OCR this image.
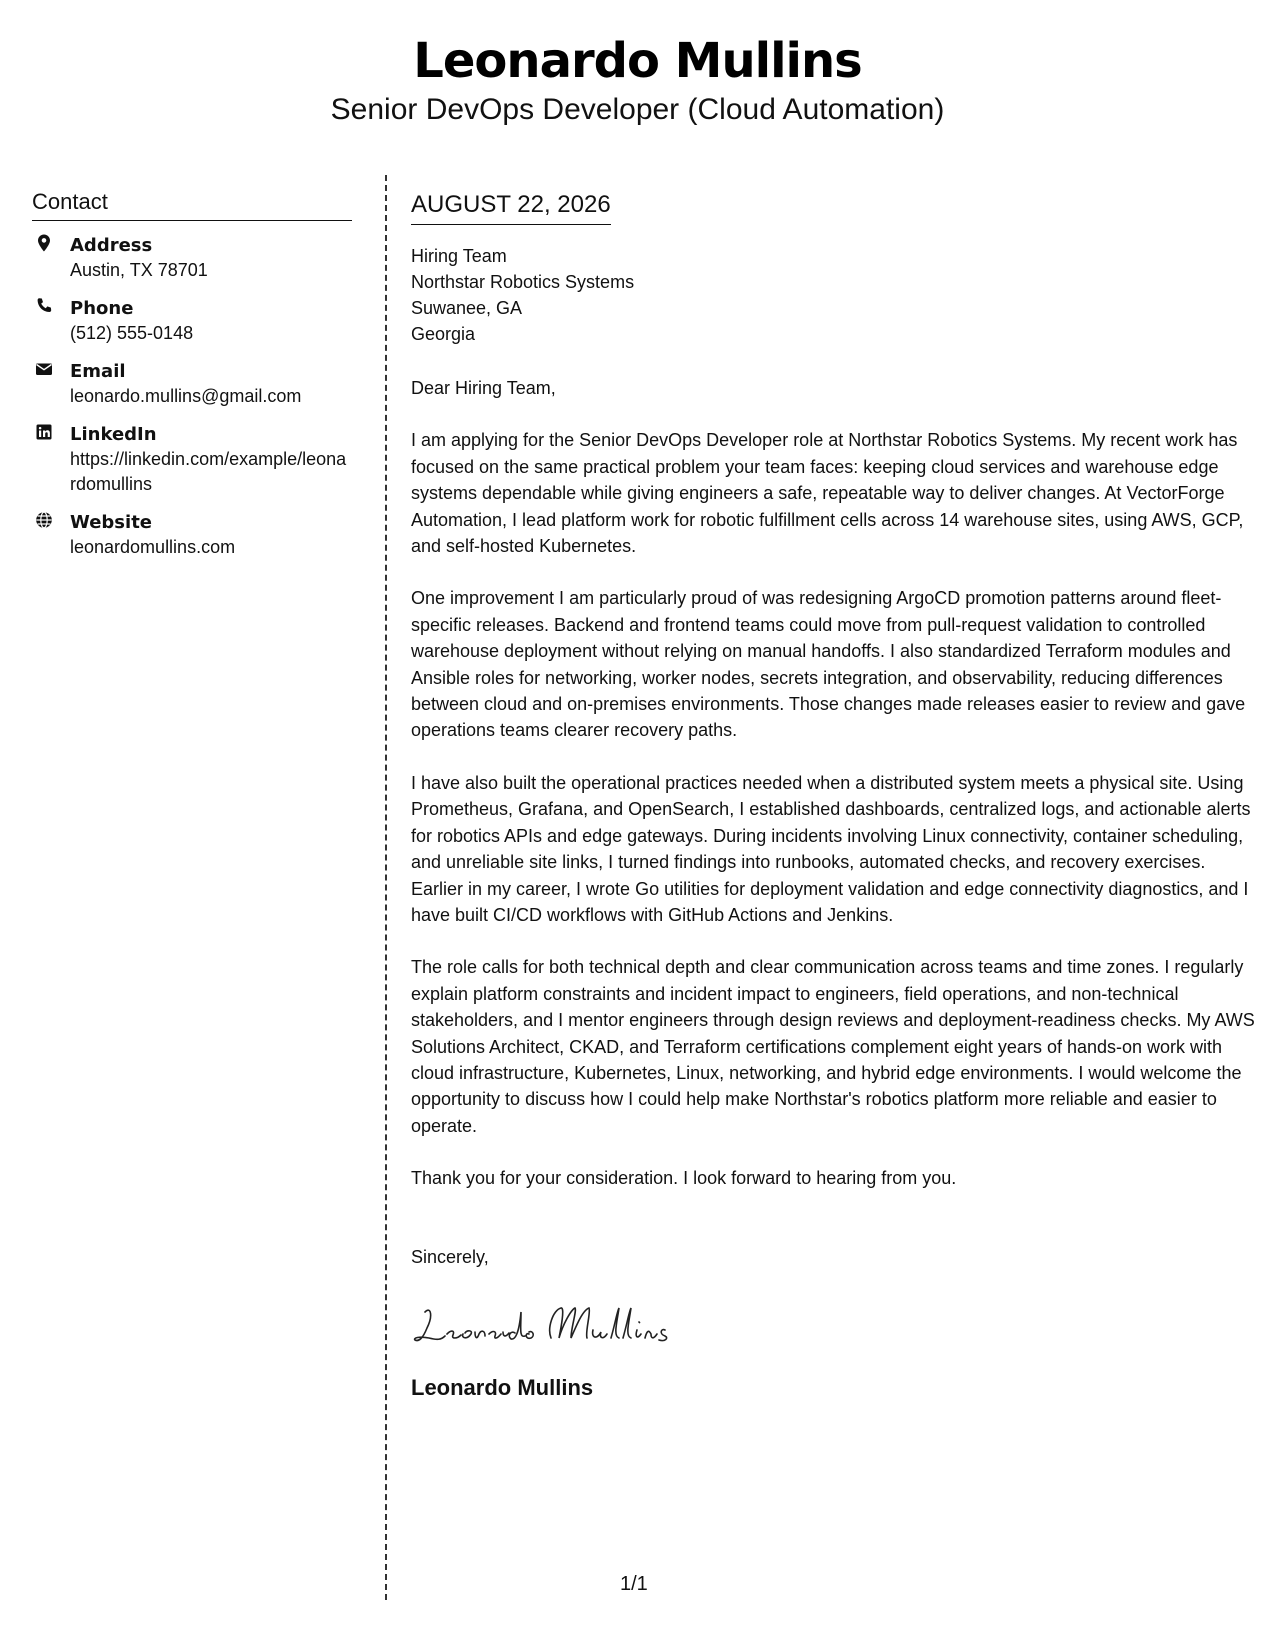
Leonardo Mullins
Senior DevOps Developer (Cloud Automation)
Contact
Address
Austin, TX 78701
Phone
(512) 555-0148
Email
leonardo.mullins@gmail.com
LinkedIn
https://linkedin.com/example/leonardomullins
Website
leonardomullins.com
AUGUST 22, 2026
Hiring Team
Northstar Robotics Systems
Suwanee, GA
Georgia
Dear Hiring Team,

I am applying for the Senior DevOps Developer role at Northstar Robotics Systems. My recent work has focused on the same practical problem your team faces: keeping cloud services and warehouse edge systems dependable while giving engineers a safe, repeatable way to deliver changes. At VectorForge Automation, I lead platform work for robotic fulfillment cells across 14 warehouse sites, using AWS, GCP, and self-hosted Kubernetes.

One improvement I am particularly proud of was redesigning ArgoCD promotion patterns around fleet-specific releases. Backend and frontend teams could move from pull-request validation to controlled warehouse deployment without relying on manual handoffs. I also standardized Terraform modules and Ansible roles for networking, worker nodes, secrets integration, and observability, reducing differences between cloud and on-premises environments. Those changes made releases easier to review and gave operations teams clearer recovery paths.

I have also built the operational practices needed when a distributed system meets a physical site. Using Prometheus, Grafana, and OpenSearch, I established dashboards, centralized logs, and actionable alerts for robotics APIs and edge gateways. During incidents involving Linux connectivity, container scheduling, and unreliable site links, I turned findings into runbooks, automated checks, and recovery exercises. Earlier in my career, I wrote Go utilities for deployment validation and edge connectivity diagnostics, and I have built CI/CD workflows with GitHub Actions and Jenkins.

The role calls for both technical depth and clear communication across teams and time zones. I regularly explain platform constraints and incident impact to engineers, field operations, and non-technical stakeholders, and I mentor engineers through design reviews and deployment-readiness checks. My AWS Solutions Architect, CKAD, and Terraform certifications complement eight years of hands-on work with cloud infrastructure, Kubernetes, Linux, networking, and hybrid edge environments. I would welcome the opportunity to discuss how I could help make Northstar's robotics platform more reliable and easier to operate.

Thank you for your consideration. I look forward to hearing from you.

Sincerely,
Leonardo Mullins
1/1
